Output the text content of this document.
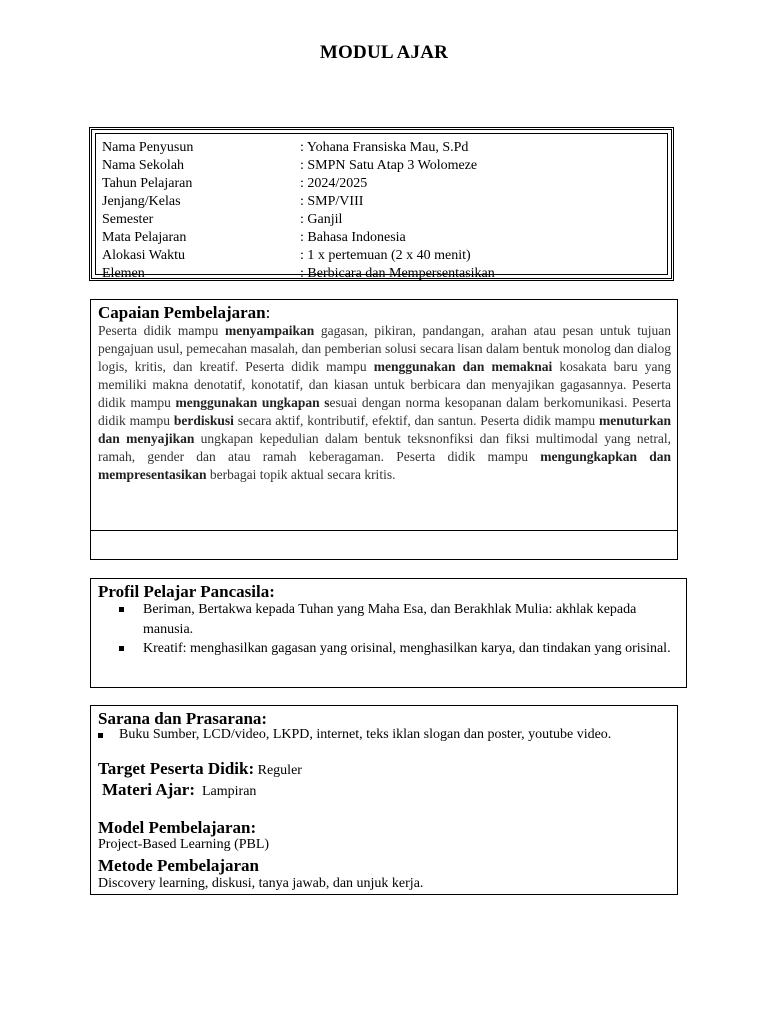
MODUL AJAR
Nama Penyusun	: Yohana Fransiska Mau, S.Pd
Nama Sekolah	: SMPN Satu Atap 3 Wolomeze
Tahun Pelajaran	: 2024/2025
Jenjang/Kelas	: SMP/VIII
Semester	: Ganjil
Mata Pelajaran	: Bahasa Indonesia
Alokasi Waktu	: 1 x pertemuan (2 x 40 menit)
Elemen	: Berbicara dan Mempersentasikan
Capaian Pembelajaran:
Peserta didik mampu menyampaikan gagasan, pikiran, pandangan, arahan atau pesan untuk tujuan pengajuan usul, pemecahan masalah, dan pemberian solusi secara lisan dalam bentuk monolog dan dialog logis, kritis, dan kreatif. Peserta didik mampu menggunakan dan memaknai kosakata baru yang memiliki makna denotatif, konotatif, dan kiasan untuk berbicara dan menyajikan gagasannya. Peserta didik mampu menggunakan ungkapan sesuai dengan norma kesopanan dalam berkomunikasi. Peserta didik mampu berdiskusi secara aktif, kontributif, efektif, dan santun. Peserta didik mampu menuturkan dan menyajikan ungkapan kepedulian dalam bentuk teksnonfiksi dan fiksi multimodal yang netral, ramah, gender dan atau ramah keberagaman. Peserta didik mampu mengungkapkan dan mempresentasikan berbagai topik aktual secara kritis.
Profil Pelajar Pancasila:
Beriman, Bertakwa kepada Tuhan yang Maha Esa, dan Berakhlak Mulia: akhlak kepada manusia.
Kreatif: menghasilkan gagasan yang orisinal, menghasilkan karya, dan tindakan yang orisinal.
Sarana dan Prasarana:
Buku Sumber, LCD/video, LKPD, internet, teks iklan slogan dan poster, youtube video.
Target Peserta Didik: Reguler
Materi Ajar:  Lampiran
Model Pembelajaran:
Project-Based Learning (PBL)
Metode Pembelajaran
Discovery learning, diskusi, tanya jawab, dan unjuk kerja.
